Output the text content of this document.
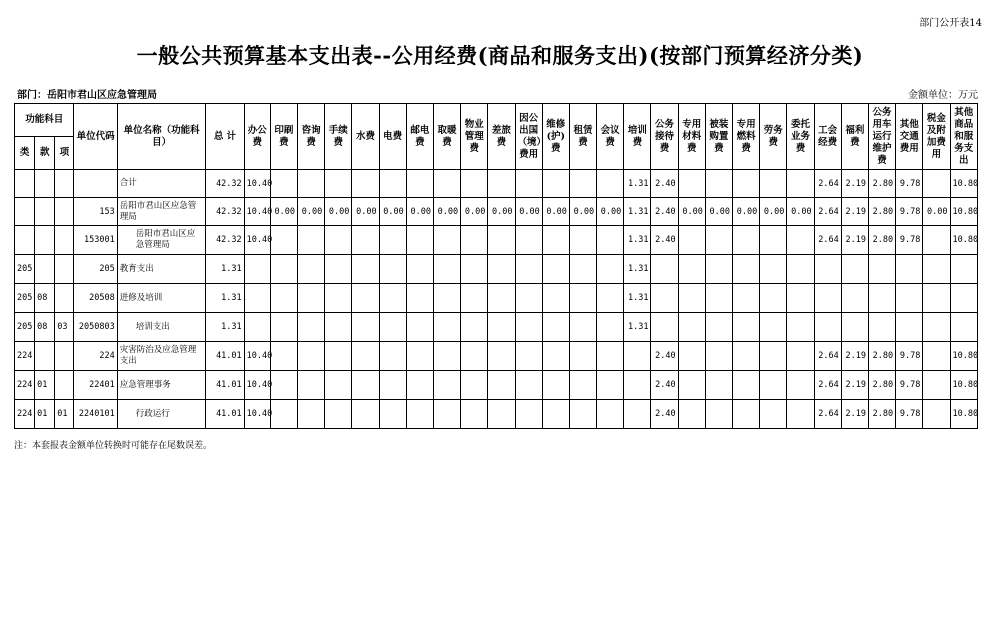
部门公开表14
一般公共预算基本支出表--公用经费(商品和服务支出)(按部门预算经济分类)
部门：岳阳市君山区应急管理局	金额单位：万元
功能科目			单位代码	单位名称（功能科目）	总 计	办公费	印刷费	咨询费	手续费	水费	电费	邮电费	取暖费	物业管理费	差旅费	因公出国（境）费用	维修(护)费	租赁费	会议费	培训费	公务接待费	专用材料费	被装购置费	专用燃料费	劳务费	委托业务费	工会经费	福利费	公务用车运行维护费	其他交通费用	税金及附加费用	其他商品和服务支出
类	款	项																														
				合计	42.32	10.40														1.31	2.40						2.64	2.19	2.80	9.78		10.80
			153	岳阳市君山区应急管理局	42.32	10.40	0.00	0.00	0.00	0.00	0.00	0.00	0.00	0.00	0.00	0.00	0.00	0.00	0.00	1.31	2.40	0.00	0.00	0.00	0.00	0.00	2.64	2.19	2.80	9.78	0.00	10.80
			153001	岳阳市君山区应急管理局	42.32	10.40														1.31	2.40						2.64	2.19	2.80	9.78		10.80
205			205	教育支出	1.31															1.31												
205	08		20508	进修及培训	1.31															1.31												
205	08	03	2050803	培训支出	1.31															1.31												
224			224	灾害防治及应急管理支出	41.01	10.40															2.40						2.64	2.19	2.80	9.78		10.80
224	01		22401	应急管理事务	41.01	10.40															2.40						2.64	2.19	2.80	9.78		10.80
224	01	01	2240101	行政运行	41.01	10.40															2.40						2.64	2.19	2.80	9.78		10.80
注：本套报表金额单位转换时可能存在尾数误差。
